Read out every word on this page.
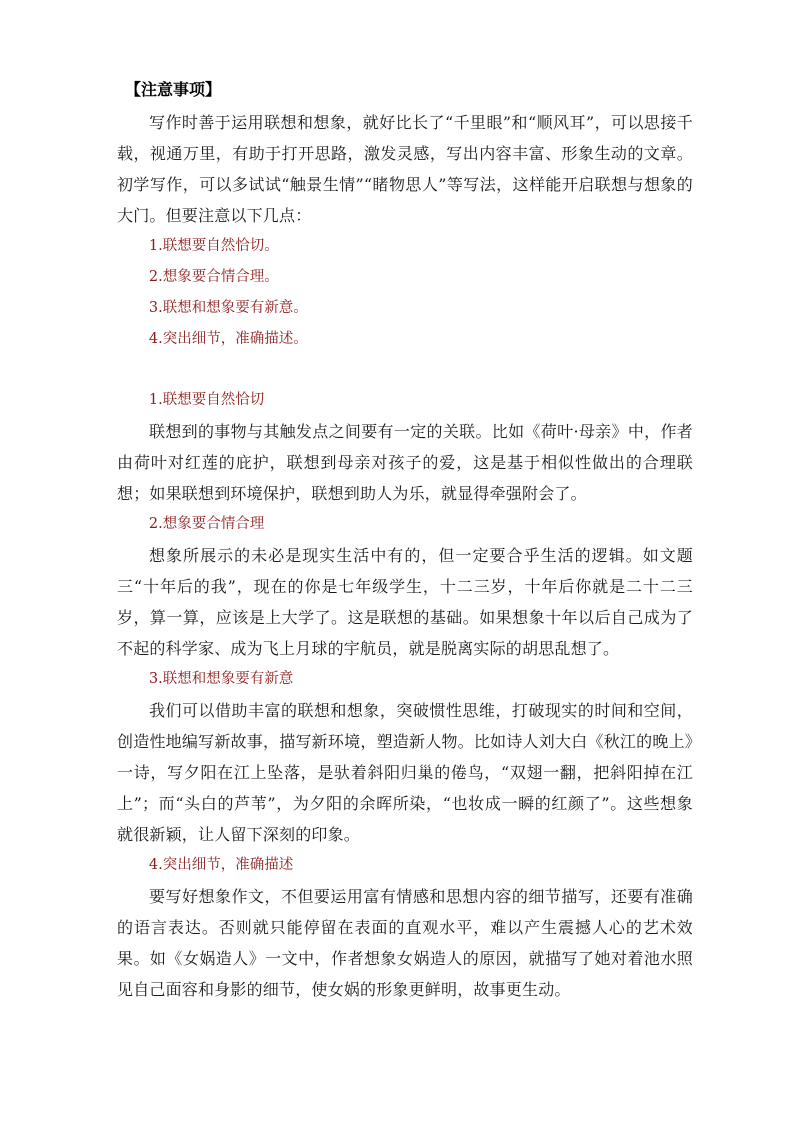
【注意事项】

写作时善于运用联想和想象，就好比长了“千里眼”和“顺风耳”，可以思接千载，视通万里，有助于打开思路，激发灵感，写出内容丰富、形象生动的文章。初学写作，可以多试试“触景生情”“睹物思人”等写法，这样能开启联想与想象的大门。但要注意以下几点：

1.联想要自然恰切。
2.想象要合情合理。
3.联想和想象要有新意。
4.突出细节，准确描述。

1.联想要自然恰切

联想到的事物与其触发点之间要有一定的关联。比如《荷叶·母亲》中，作者由荷叶对红莲的庇护，联想到母亲对孩子的爱，这是基于相似性做出的合理联想；如果联想到环境保护，联想到助人为乐，就显得牵强附会了。

2.想象要合情合理

想象所展示的未必是现实生活中有的，但一定要合乎生活的逻辑。如文题三“十年后的我”，现在的你是七年级学生，十二三岁，十年后你就是二十二三岁，算一算，应该是上大学了。这是联想的基础。如果想象十年以后自己成为了不起的科学家、成为飞上月球的宇航员，就是脱离实际的胡思乱想了。

3.联想和想象要有新意

我们可以借助丰富的联想和想象，突破惯性思维，打破现实的时间和空间，创造性地编写新故事，描写新环境，塑造新人物。比如诗人刘大白《秋江的晚上》一诗，写夕阳在江上坠落，是驮着斜阳归巢的倦鸟，“双翅一翻，把斜阳掉在江上”；而“头白的芦苇”，为夕阳的余晖所染，“也妆成一瞬的红颜了”。这些想象就很新颖，让人留下深刻的印象。

4.突出细节，准确描述

要写好想象作文，不但要运用富有情感和思想内容的细节描写，还要有准确的语言表达。否则就只能停留在表面的直观水平，难以产生震撼人心的艺术效果。如《女娲造人》一文中，作者想象女娲造人的原因，就描写了她对着池水照见自己面容和身影的细节，使女娲的形象更鲜明，故事更生动。
